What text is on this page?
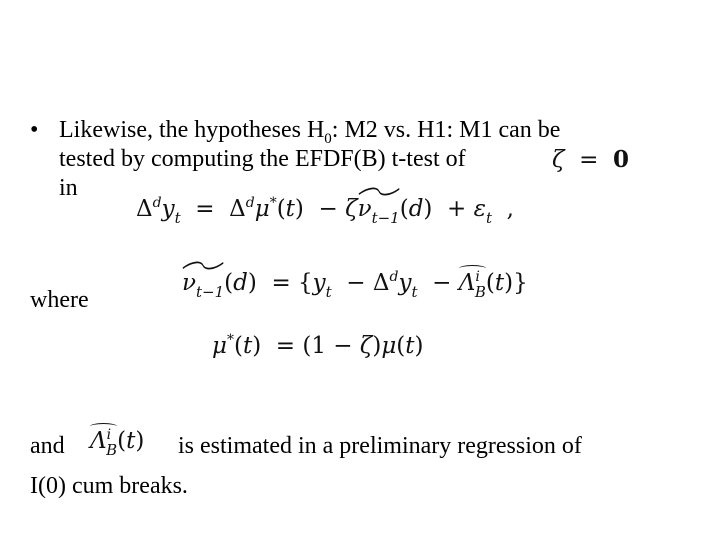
• Likewise, the hypotheses $H_0$: M2 vs. H1: M1 can be
tested by computing the EFDF(B) t-test of
in
ζ  =  0
$\Delta^dy_t = \Delta^d\mu^*(t) - \zeta$
$\nu_{t-1}(d) + \varepsilon_t$  ,
where
$\nu_{t-1}(d) = \{y_t - \Delta^dy_t - \Lambda^i_B(t)\}$
μ*(t)  = (1 − ζ)μ(t)
and $\Lambda^i_B(t)$ is estimated in a preliminary regression of
I(0) cum breaks.
